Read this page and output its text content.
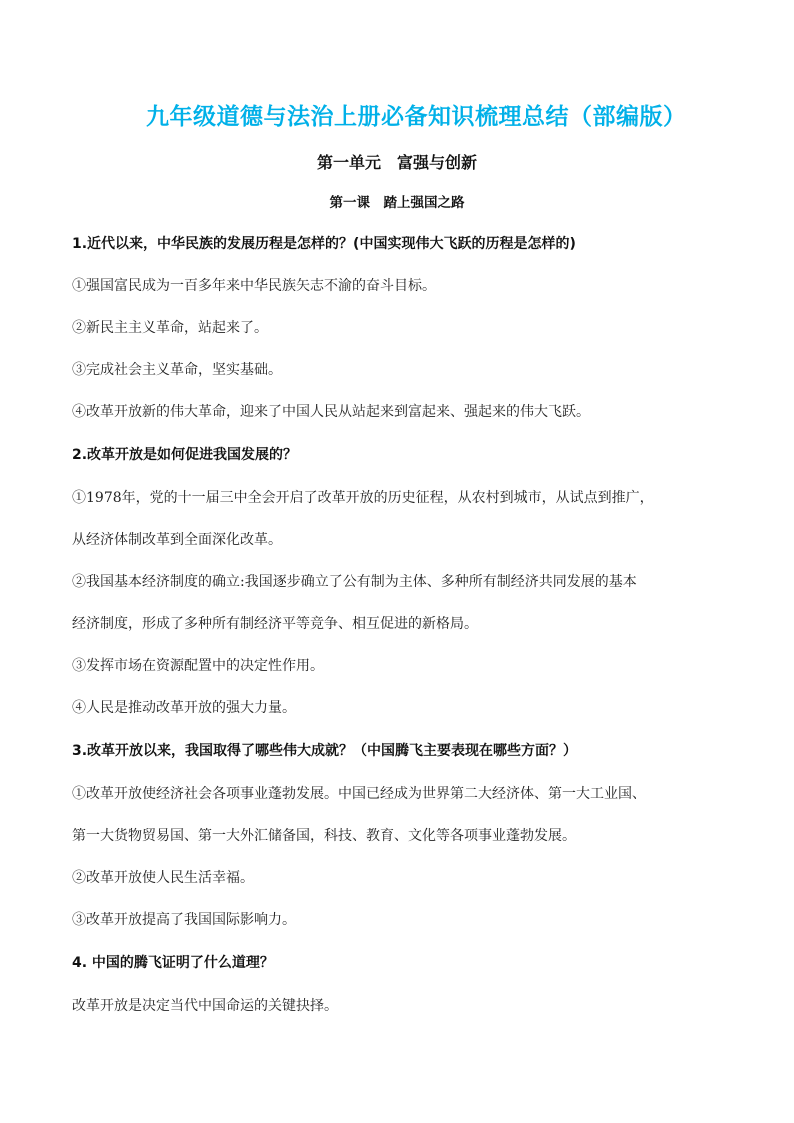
九年级道德与法治上册必备知识梳理总结（部编版）
第一单元　富强与创新
第一课　踏上强国之路
1.近代以来，中华民族的发展历程是怎样的？(中国实现伟大飞跃的历程是怎样的)
①强国富民成为一百多年来中华民族矢志不渝的奋斗目标。
②新民主主义革命，站起来了。
③完成社会主义革命，坚实基础。
④改革开放新的伟大革命，迎来了中国人民从站起来到富起来、强起来的伟大飞跃。
2.改革开放是如何促进我国发展的？
①1978年，党的十一届三中全会开启了改革开放的历史征程，从农村到城市，从试点到推广，
从经济体制改革到全面深化改革。
②我国基本经济制度的确立:我国逐步确立了公有制为主体、多种所有制经济共同发展的基本
经济制度，形成了多种所有制经济平等竞争、相互促进的新格局。
③发挥市场在资源配置中的决定性作用。
④人民是推动改革开放的强大力量。
3.改革开放以来，我国取得了哪些伟大成就？（中国腾飞主要表现在哪些方面？）
①改革开放使经济社会各项事业蓬勃发展。中国已经成为世界第二大经济体、第一大工业国、
第一大货物贸易国、第一大外汇储备国，科技、教育、文化等各项事业蓬勃发展。
②改革开放使人民生活幸福。
③改革开放提高了我国国际影响力。
4. 中国的腾飞证明了什么道理？
改革开放是决定当代中国命运的关键抉择。
